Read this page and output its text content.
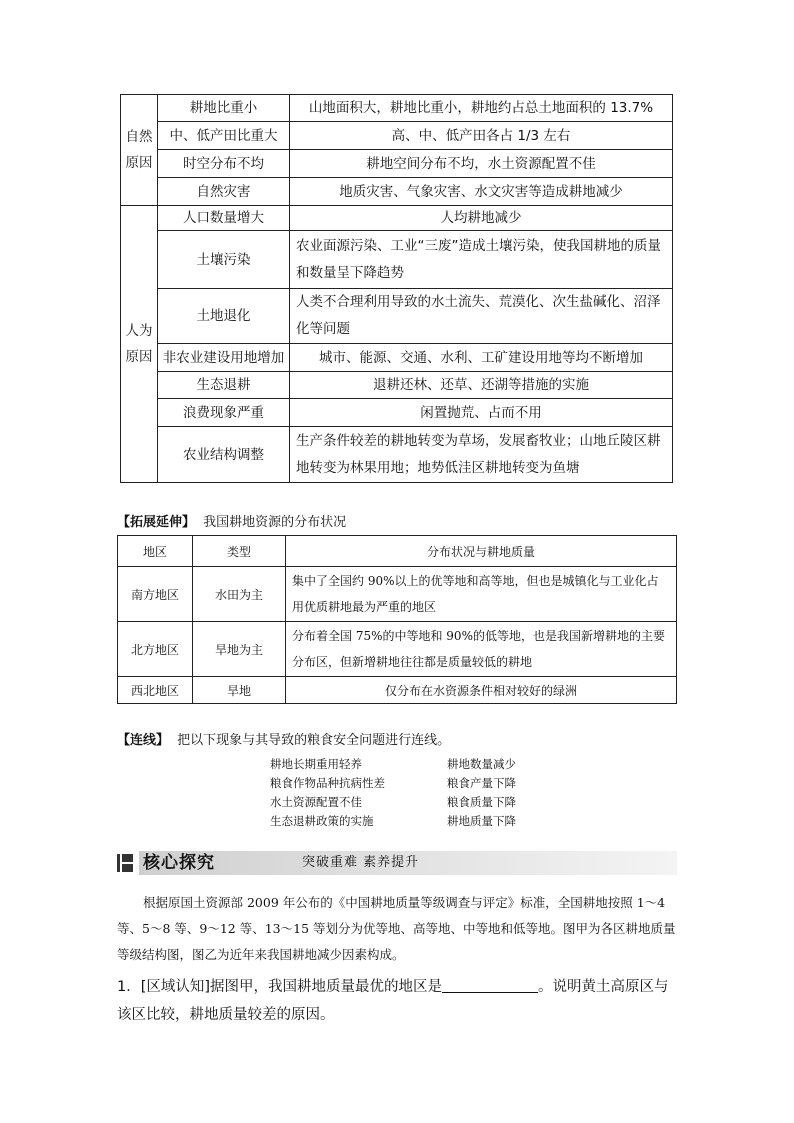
自然
原因	耕地比重小	山地面积大，耕地比重小，耕地约占总土地面积的 13.7%
	中、低产田比重大	高、中、低产田各占 1/3 左右
	时空分布不均	耕地空间分布不均，水土资源配置不佳
	自然灾害	地质灾害、气象灾害、水文灾害等造成耕地减少
人为
原因	人口数量增大	人均耕地减少
	土壤污染	农业面源污染、工业“三废”造成土壤污染，使我国耕地的质量和数量呈下降趋势
	土地退化	人类不合理利用导致的水土流失、荒漠化、次生盐碱化、沼泽化等问题
	非农业建设用地增加	城市、能源、交通、水利、工矿建设用地等均不断增加
	生态退耕	退耕还林、还草、还湖等措施的实施
	浪费现象严重	闲置抛荒、占而不用
	农业结构调整	生产条件较差的耕地转变为草场，发展畜牧业；山地丘陵区耕地转变为林果用地；地势低洼区耕地转变为鱼塘
【拓展延伸】 我国耕地资源的分布状况
地区	类型	分布状况与耕地质量
南方地区	水田为主	集中了全国约 90%以上的优等地和高等地，但也是城镇化与工业化占用优质耕地最为严重的地区
北方地区	旱地为主	分布着全国 75%的中等地和 90%的低等地，也是我国新增耕地的主要分布区，但新增耕地往往都是质量较低的耕地
西北地区	旱地	仅分布在水资源条件相对较好的绿洲
【连线】 把以下现象与其导致的粮食安全问题进行连线。
耕地长期重用轻养
粮食作物品种抗病性差
水土资源配置不佳
生态退耕政策的实施
耕地数量减少
粮食产量下降
粮食质量下降
耕地质量下降
核心探究	突破重难 素养提升
根据原国土资源部 2009 年公布的《中国耕地质量等级调查与评定》标准，全国耕地按照 1～4 等、5～8 等、9～12 等、13～15 等划分为优等地、高等地、中等地和低等地。图甲为各区耕地质量等级结构图，图乙为近年来我国耕地减少因素构成。
1．[区域认知]据图甲，我国耕地质量最优的地区是	。说明黄土高原区与该区比较，耕地质量较差的原因。
